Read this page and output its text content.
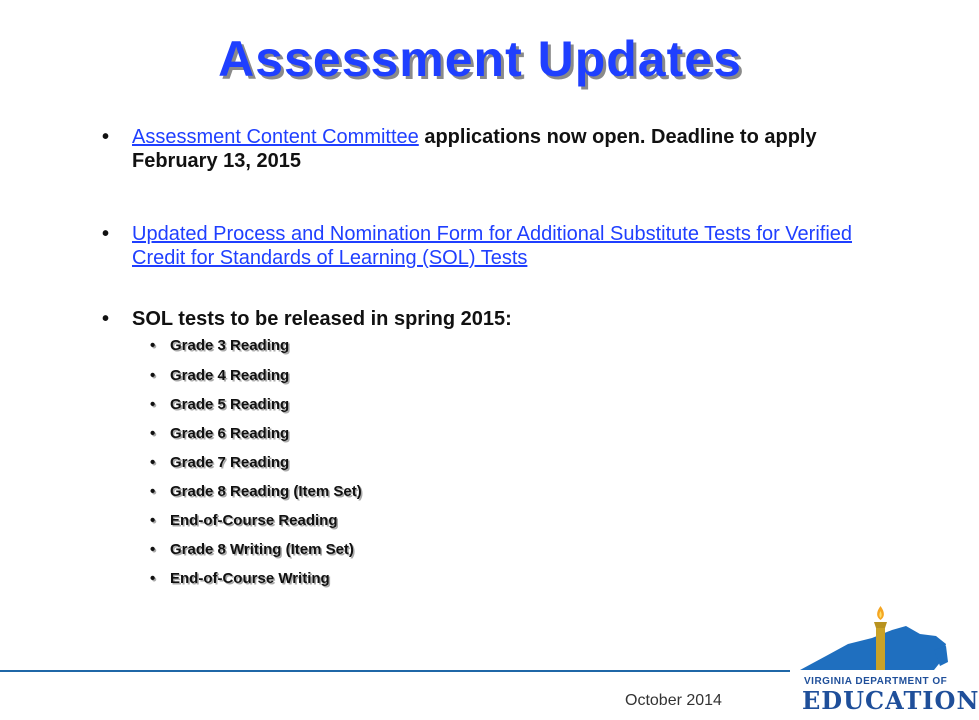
Assessment Updates
• Assessment Content Committee applications now open. Deadline to apply February 13, 2015
• Updated Process and Nomination Form for Additional Substitute Tests for Verified Credit for Standards of Learning (SOL) Tests
• SOL tests to be released in spring 2015:
• Grade 3 Reading
• Grade 4 Reading
• Grade 5 Reading
• Grade 6 Reading
• Grade 7 Reading
• Grade 8 Reading (Item Set)
• End-of-Course Reading
• Grade 8 Writing (Item Set)
• End-of-Course Writing
October 2014
VIRGINIA DEPARTMENT OF
EDUCATION
